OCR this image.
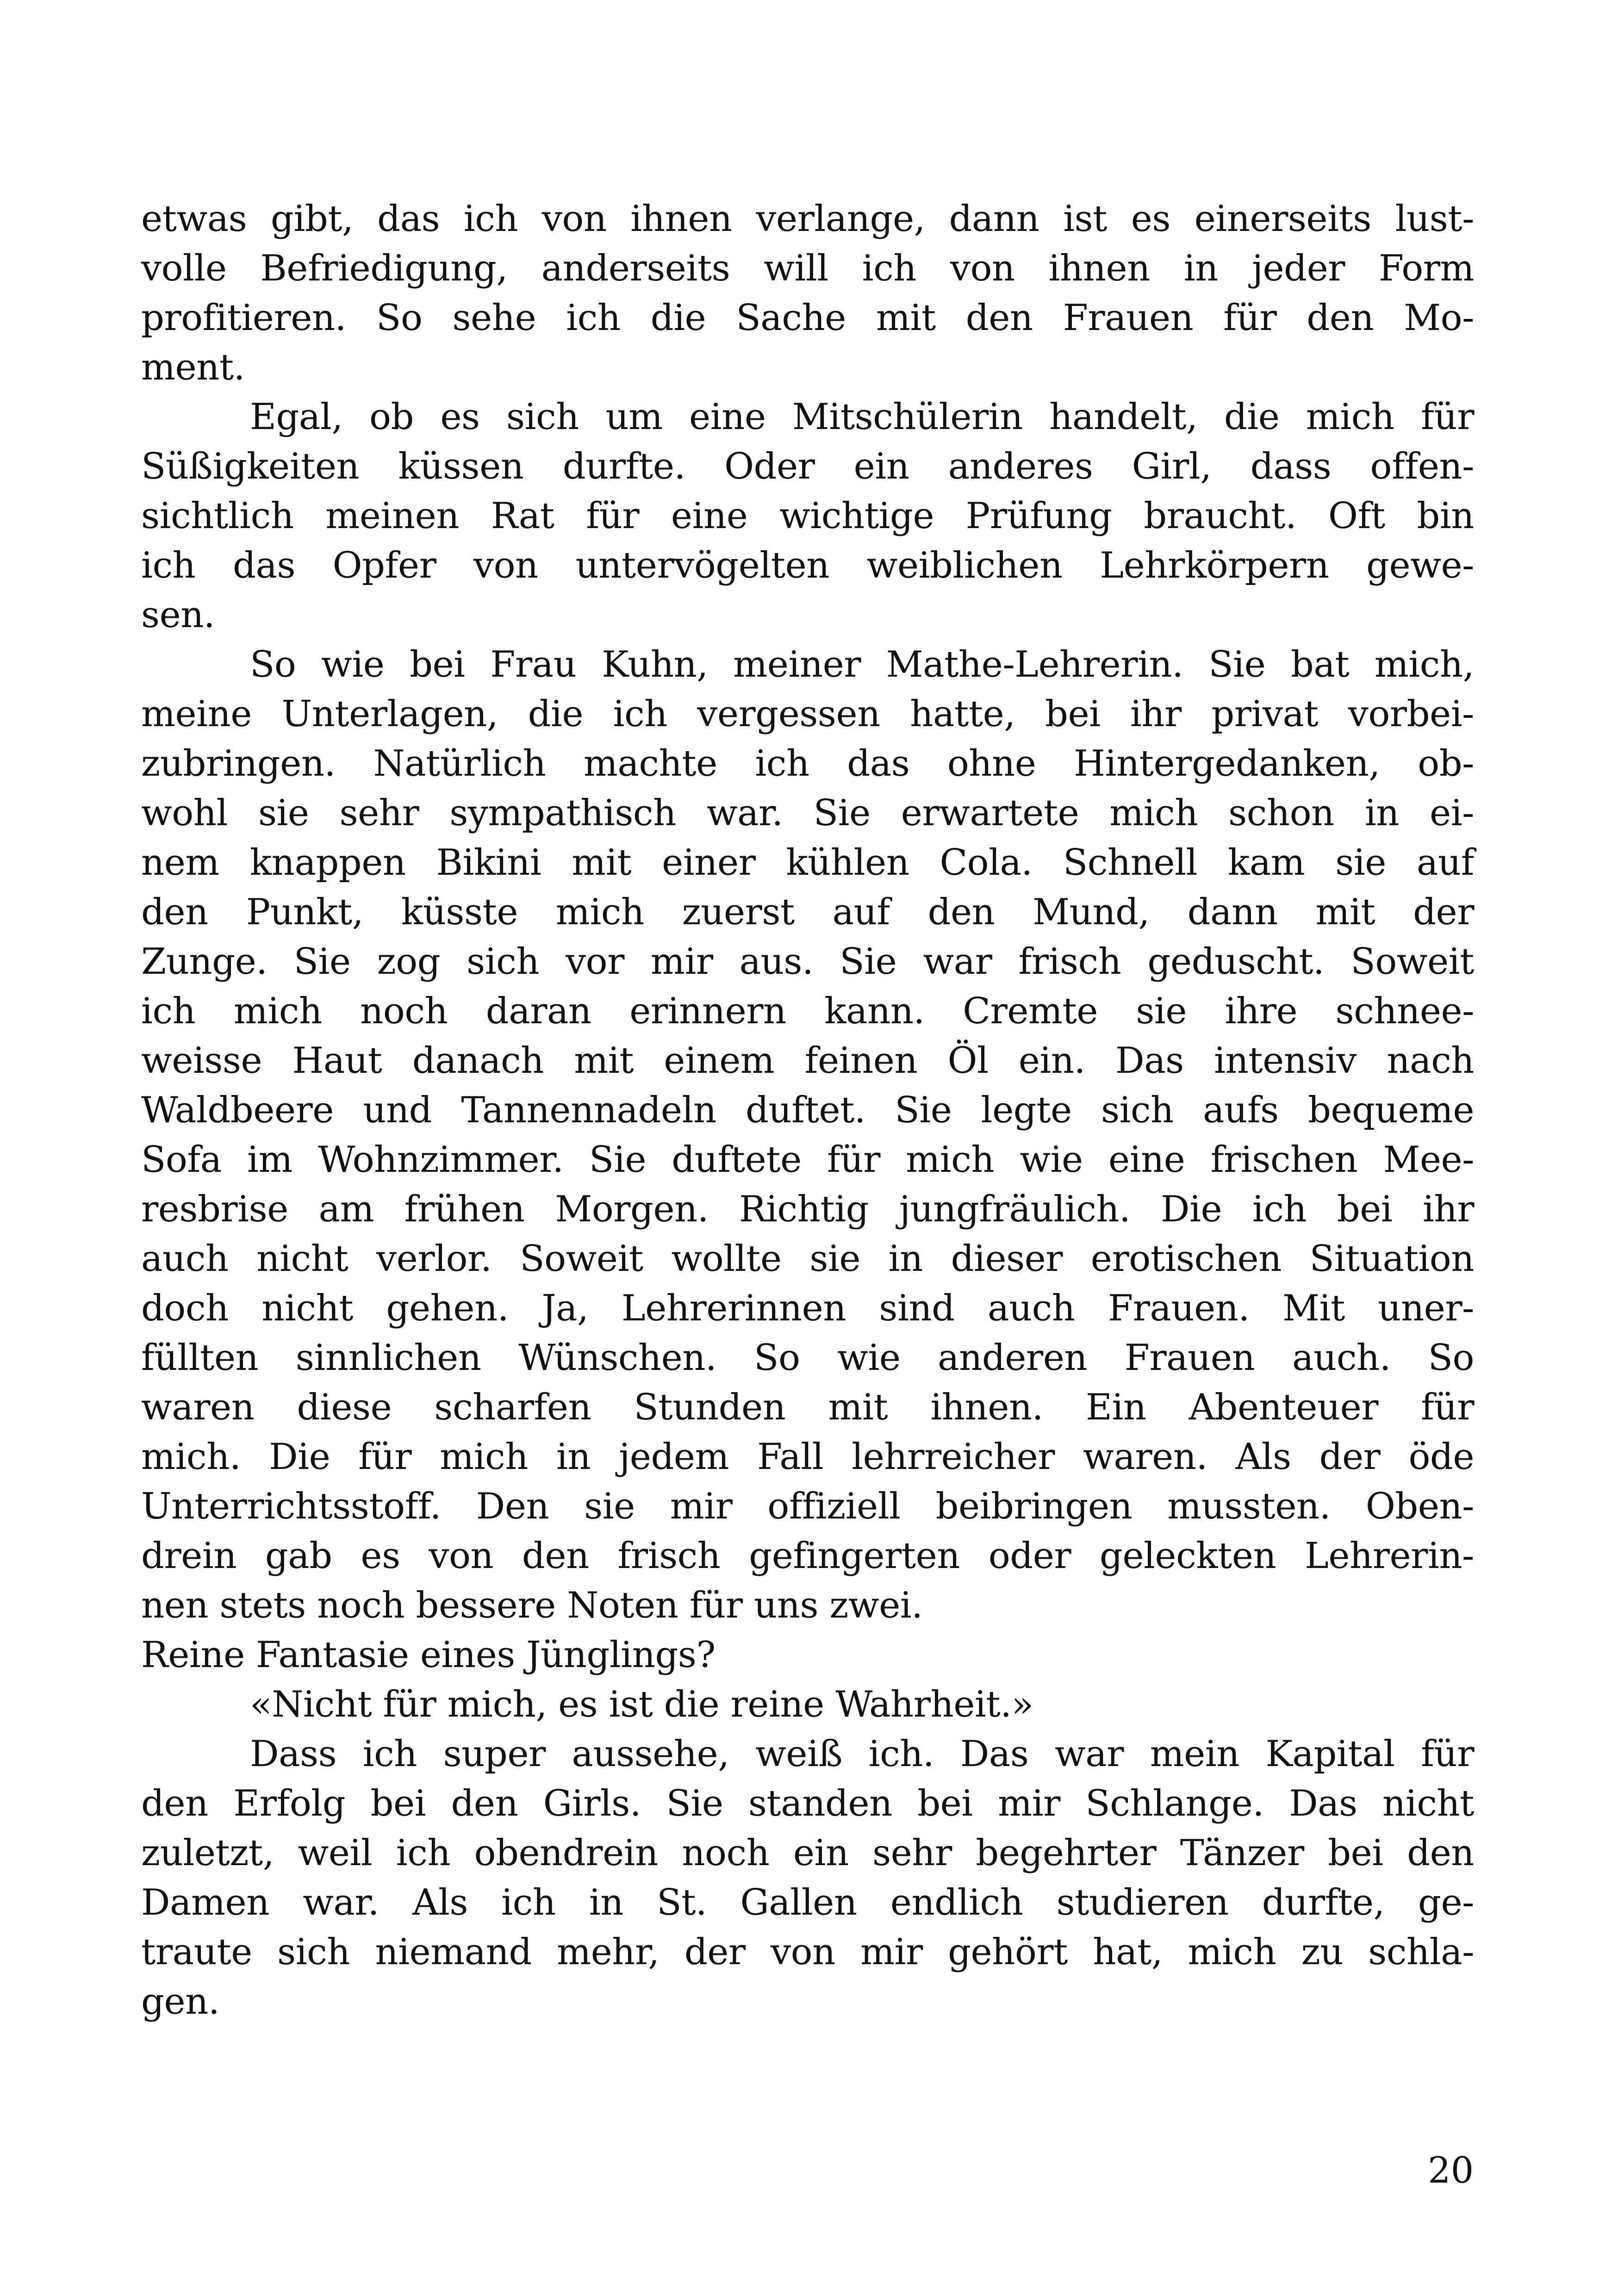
etwas gibt, das ich von ihnen verlange, dann ist es einerseits lust-
volle Befriedigung, anderseits will ich von ihnen in jeder Form
profitieren. So sehe ich die Sache mit den Frauen für den Mo-
ment.
Egal, ob es sich um eine Mitschülerin handelt, die mich für
Süßigkeiten küssen durfte. Oder ein anderes Girl, dass offen-
sichtlich meinen Rat für eine wichtige Prüfung braucht. Oft bin
ich das Opfer von untervögelten weiblichen Lehrkörpern gewe-
sen.
So wie bei Frau Kuhn, meiner Mathe-Lehrerin. Sie bat mich,
meine Unterlagen, die ich vergessen hatte, bei ihr privat vorbei-
zubringen. Natürlich machte ich das ohne Hintergedanken, ob-
wohl sie sehr sympathisch war. Sie erwartete mich schon in ei-
nem knappen Bikini mit einer kühlen Cola. Schnell kam sie auf
den Punkt, küsste mich zuerst auf den Mund, dann mit der
Zunge. Sie zog sich vor mir aus. Sie war frisch geduscht. Soweit
ich mich noch daran erinnern kann. Cremte sie ihre schnee-
weisse Haut danach mit einem feinen Öl ein. Das intensiv nach
Waldbeere und Tannennadeln duftet. Sie legte sich aufs bequeme
Sofa im Wohnzimmer. Sie duftete für mich wie eine frischen Mee-
resbrise am frühen Morgen. Richtig jungfräulich. Die ich bei ihr
auch nicht verlor. Soweit wollte sie in dieser erotischen Situation
doch nicht gehen. Ja, Lehrerinnen sind auch Frauen. Mit uner-
füllten sinnlichen Wünschen. So wie anderen Frauen auch. So
waren diese scharfen Stunden mit ihnen. Ein Abenteuer für
mich. Die für mich in jedem Fall lehrreicher waren. Als der öde
Unterrichtsstoff. Den sie mir offiziell beibringen mussten. Oben-
drein gab es von den frisch gefingerten oder geleckten Lehrerin-
nen stets noch bessere Noten für uns zwei.
Reine Fantasie eines Jünglings?
«Nicht für mich, es ist die reine Wahrheit.»
Dass ich super aussehe, weiß ich. Das war mein Kapital für
den Erfolg bei den Girls. Sie standen bei mir Schlange. Das nicht
zuletzt, weil ich obendrein noch ein sehr begehrter Tänzer bei den
Damen war. Als ich in St. Gallen endlich studieren durfte, ge-
traute sich niemand mehr, der von mir gehört hat, mich zu schla-
gen.
20
